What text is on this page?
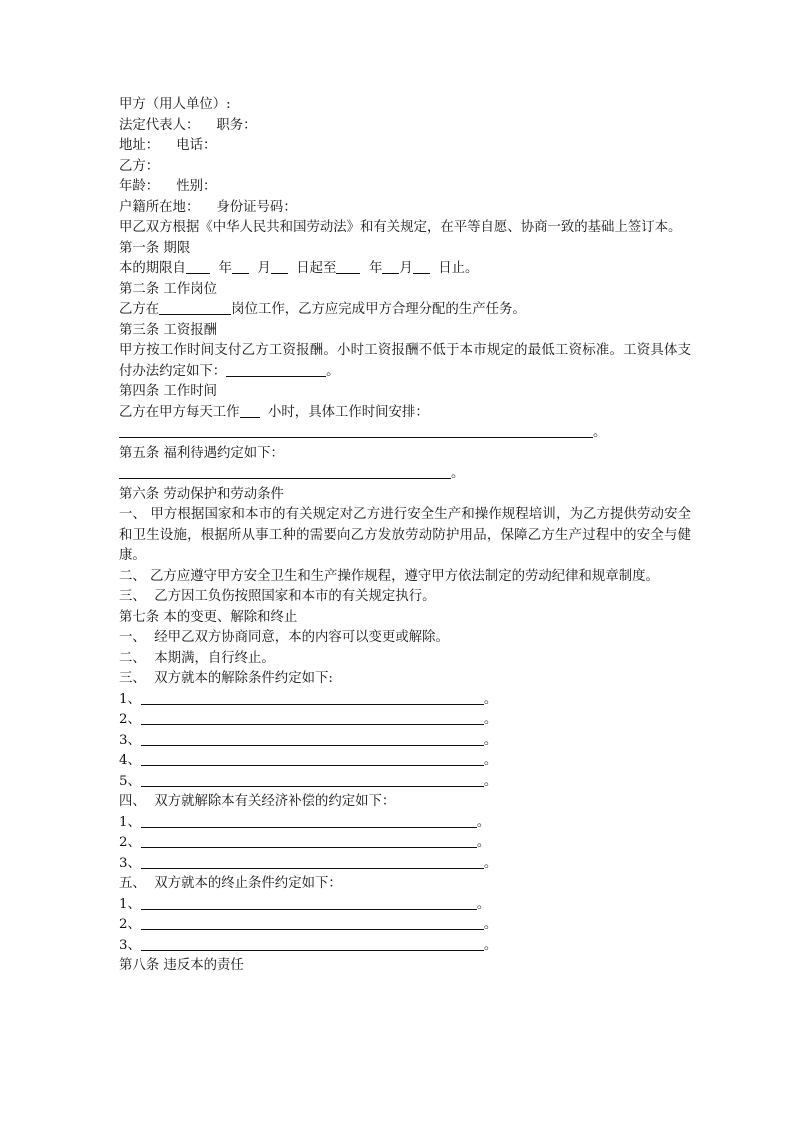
甲方（用人单位）:
法定代表人： 职务：
地址： 电话：
乙方：
年龄： 性别：
户籍所在地： 身份证号码：
甲乙双方根据《中华人民共和国劳动法》和有关规定，在平等自愿、协商一致的基础上签订本。
第一条 期限
本的期限自 年 月 日起至 年 月 日止。
第二条 工作岗位
乙方在	岗位工作，乙方应完成甲方合理分配的生产任务。
第三条 工资报酬
甲方按工作时间支付乙方工资报酬。小时工资报酬不低于本市规定的最低工资标准。工资具体支付办法约定如下：	。
第四条 工作时间
乙方在甲方每天工作 小时，具体工作时间安排：
。
第五条 福利待遇约定如下：
。
第六条 劳动保护和劳动条件
一、 甲方根据国家和本市的有关规定对乙方进行安全生产和操作规程培训，为乙方提供劳动安全和卫生设施，根据所从事工种的需要向乙方发放劳动防护用品，保障乙方生产过程中的安全与健康。
二、 乙方应遵守甲方安全卫生和生产操作规程，遵守甲方依法制定的劳动纪律和规章制度。
三、  乙方因工负伤按照国家和本市的有关规定执行。
第七条 本的变更、解除和终止
一、  经甲乙双方协商同意，本的内容可以变更或解除。
二、  本期满，自行终止。
三、  双方就本的解除条件约定如下:
1、	。
2、	。
3、	。
4、	。
5、	。
四、  双方就解除本有关经济补偿的约定如下：
1、	。
2、	。
3、	。
五、  双方就本的终止条件约定如下：
1、	。
2、	。
3、	。
第八条 违反本的责任
